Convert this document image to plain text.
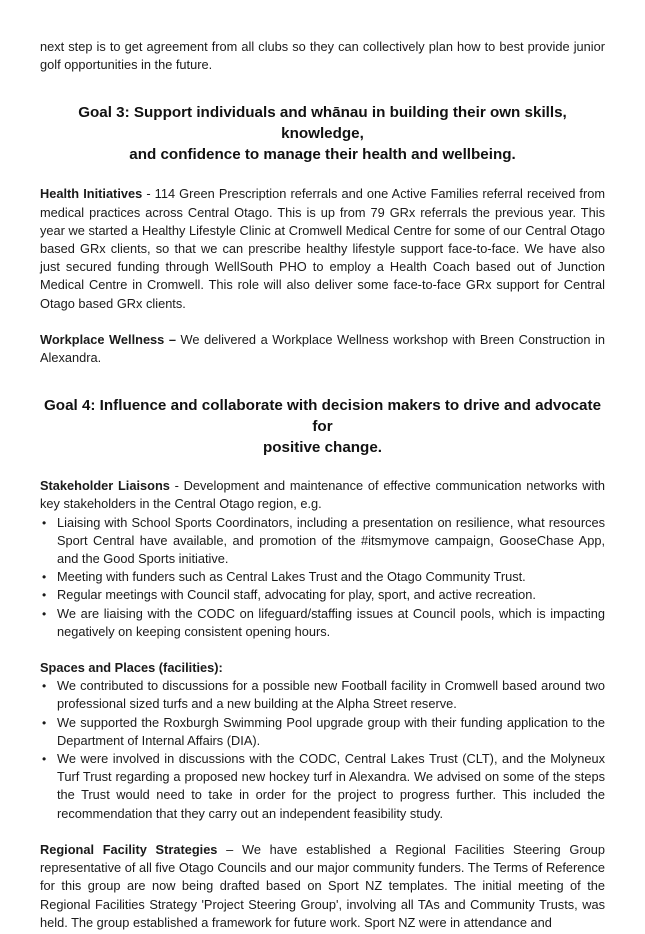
next step is to get agreement from all clubs so they can collectively plan how to best provide junior golf opportunities in the future.

Goal 3: Support individuals and whānau in building their own skills, knowledge,
and confidence to manage their health and wellbeing.

Health Initiatives - 114 Green Prescription referrals and one Active Families referral received from medical practices across Central Otago. This is up from 79 GRx referrals the previous year. This year we started a Healthy Lifestyle Clinic at Cromwell Medical Centre for some of our Central Otago based GRx clients, so that we can prescribe healthy lifestyle support face-to-face. We have also just secured funding through WellSouth PHO to employ a Health Coach based out of Junction Medical Centre in Cromwell. This role will also deliver some face-to-face GRx support for Central Otago based GRx clients.

Workplace Wellness – We delivered a Workplace Wellness workshop with Breen Construction in Alexandra.

Goal 4: Influence and collaborate with decision makers to drive and advocate for
positive change.

Stakeholder Liaisons - Development and maintenance of effective communication networks with key stakeholders in the Central Otago region, e.g.

• Liaising with School Sports Coordinators, including a presentation on resilience, what resources Sport Central have available, and promotion of the #itsmymove campaign, GooseChase App, and the Good Sports initiative.
• Meeting with funders such as Central Lakes Trust and the Otago Community Trust.
• Regular meetings with Council staff, advocating for play, sport, and active recreation.
• We are liaising with the CODC on lifeguard/staffing issues at Council pools, which is impacting negatively on keeping consistent opening hours.

Spaces and Places (facilities):

• We contributed to discussions for a possible new Football facility in Cromwell based around two professional sized turfs and a new building at the Alpha Street reserve.
• We supported the Roxburgh Swimming Pool upgrade group with their funding application to the Department of Internal Affairs (DIA).
• We were involved in discussions with the CODC, Central Lakes Trust (CLT), and the Molyneux Turf Trust regarding a proposed new hockey turf in Alexandra. We advised on some of the steps the Trust would need to take in order for the project to progress further. This included the recommendation that they carry out an independent feasibility study.

Regional Facility Strategies – We have established a Regional Facilities Steering Group representative of all five Otago Councils and our major community funders. The Terms of Reference for this group are now being drafted based on Sport NZ templates. The initial meeting of the Regional Facilities Strategy 'Project Steering Group', involving all TAs and Community Trusts, was held. The group established a framework for future work. Sport NZ were in attendance and
